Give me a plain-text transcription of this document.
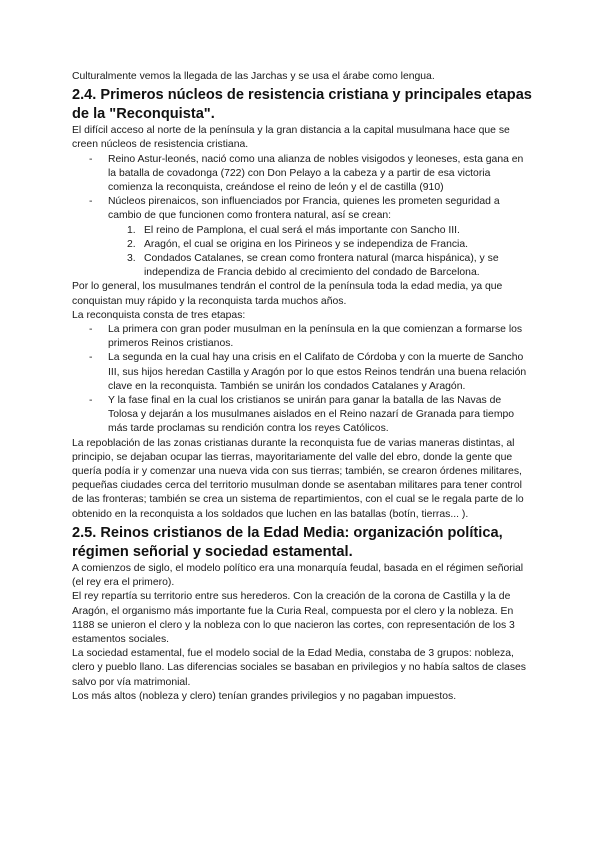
Culturalmente vemos la llegada de las Jarchas y se usa el árabe como lengua.

2.4. Primeros núcleos de resistencia cristiana y principales etapas de la "Reconquista".

El difícil acceso al norte de la península y la gran distancia a la capital musulmana hace que se creen núcleos de resistencia cristiana.

- Reino Astur-leonés, nació como una alianza de nobles visigodos y leoneses, esta gana en la batalla de covadonga (722) con Don Pelayo a la cabeza y a partir de esa victoria comienza la reconquista, creándose el reino de león y el de castilla (910)
- Núcleos pirenaicos, son influenciados por Francia, quienes les prometen seguridad a cambio de que funcionen como frontera natural, así se crean:
1. El reino de Pamplona, el cual será el más importante con Sancho III.
2. Aragón, el cual se origina en los Pirineos y se independiza de Francia.
3. Condados Catalanes, se crean como frontera natural (marca hispánica), y se independiza de Francia debido al crecimiento del condado de Barcelona.

Por lo general, los musulmanes tendrán el control de la península toda la edad media, ya que conquistan muy rápido y la reconquista tarda muchos años.

La reconquista consta de tres etapas:

- La primera con gran poder musulman en la península en la que comienzan a formarse los primeros Reinos cristianos.
- La segunda en la cual hay una crisis en el Califato de Córdoba y con la muerte de Sancho III, sus hijos heredan Castilla y Aragón por lo que estos Reinos tendrán una buena relación clave en la reconquista. También se unirán los condados Catalanes y Aragón.
- Y la fase final en la cual los cristianos se unirán para ganar la batalla de las Navas de Tolosa y dejarán a los musulmanes aislados en el Reino nazarí de Granada para tiempo más tarde proclamas su rendición contra los reyes Católicos.

La repoblación de las zonas cristianas durante la reconquista fue de varias maneras distintas, al principio, se dejaban ocupar las tierras, mayoritariamente del valle del ebro, donde la gente que quería podía ir y comenzar una nueva vida con sus tierras; también, se crearon órdenes militares, pequeñas ciudades cerca del territorio musulman donde se asentaban militares para tener control de las fronteras; también se crea un sistema de repartimientos, con el cual se le regala parte de lo obtenido en la reconquista a los soldados que luchen en las batallas (botín, tierras... ).

2.5. Reinos cristianos de la Edad Media: organización política, régimen señorial y sociedad estamental.

A comienzos de siglo, el modelo político era una monarquía feudal, basada en el régimen señorial (el rey era el primero).

El rey repartía su territorio entre sus herederos. Con la creación de la corona de Castilla y la de Aragón, el organismo más importante fue la Curia Real, compuesta por el clero y la nobleza. En 1188 se unieron el clero y la nobleza con lo que nacieron las cortes, con representación de los 3 estamentos sociales.

La sociedad estamental, fue el modelo social de la Edad Media, constaba de 3 grupos: nobleza, clero y pueblo llano. Las diferencias sociales se basaban en privilegios y no había saltos de clases salvo por vía matrimonial.

Los más altos (nobleza y clero) tenían grandes privilegios y no pagaban impuestos.
